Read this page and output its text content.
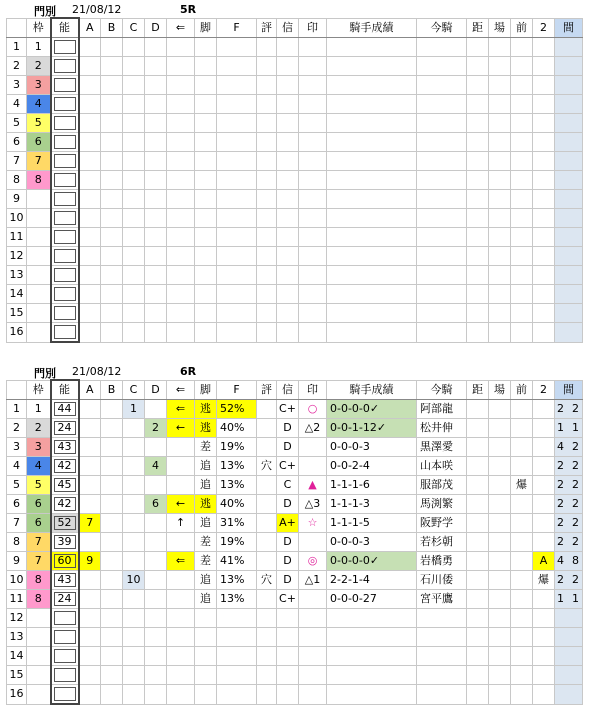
門別 21/08/12	5R
	枠	能	A	B	C	D	⇐	脚	F	評	信	印	騎手成績	今騎	距	場	前	2	間
1	1	

2	2	

3	3	

4	4	

5	5	

6	6	

7	7	

8	8	

9		

10		

11		

12		

13		

14		

15		

16		

門別 21/08/12	6R
	枠	能	A	B	C	D	⇐	脚	F	評	信	印	騎手成績	今騎	距	場	前	2	間
1	1	44			1		⇐	逃	52%		C+	○	0-0-0-0✓	阿部龍					2 2
2	2	24				2	←	逃	40%		D	△2	0-0-1-12✓	松井伸					1 1
3	3	43						差	19%		D		0-0-0-3	黒澤愛					4 2
4	4	42				4		追	13%	穴	C+		0-0-2-4	山本咲					2 2
5	5	45						追	13%		C	▲	1-1-1-6	服部茂			爆		2 2
6	6	42				6	←	逃	40%		D	△3	1-1-1-3	馬渕繁					2 2
7	6	52	7				↑	追	31%		A+	☆	1-1-1-5	阪野学					2 2
8	7	39						差	19%		D		0-0-0-3	若杉朝					2 2
9	7	60	9				⇐	差	41%		D	◎	0-0-0-0✓	岩橋勇				A	4 8
10	8	43			10			追	13%	穴	D	△1	2-2-1-4	石川倭				爆	2 2
11	8	24						追	13%		C+		0-0-0-27	宮平鷹					1 1
12		

13		

14		

15		

16		
